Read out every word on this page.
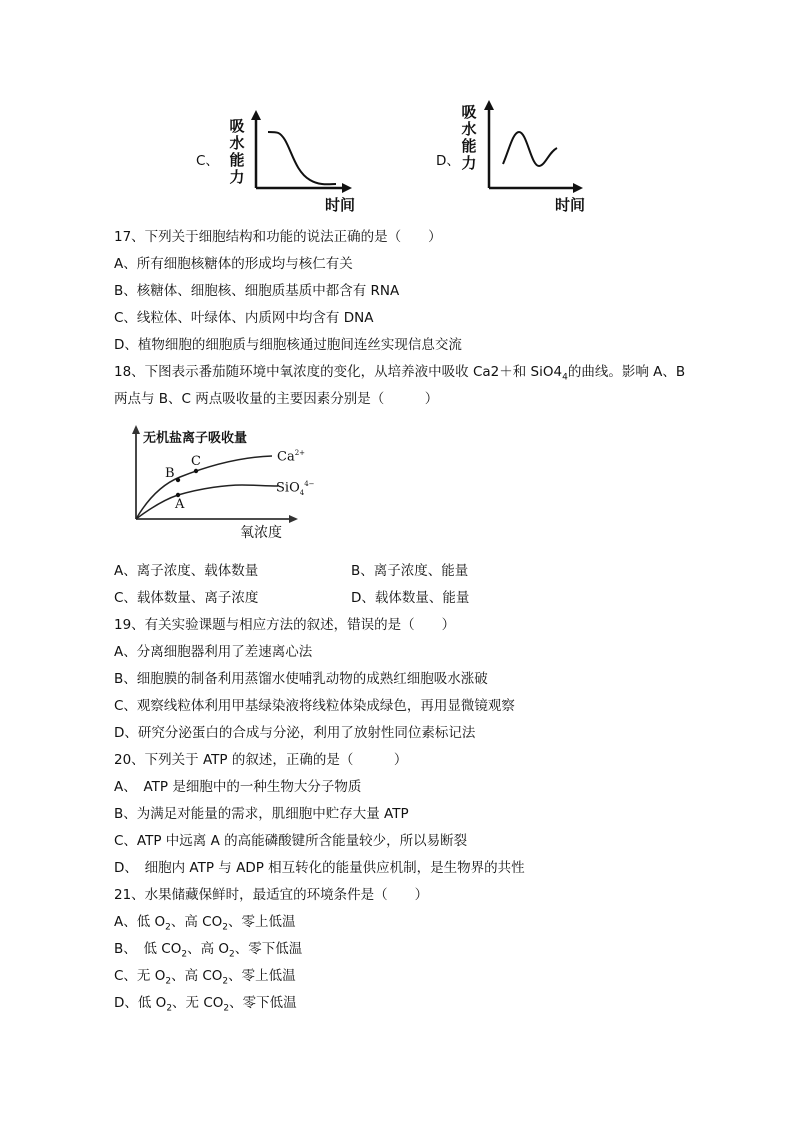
C、
吸
水
能
力
时间
D、
吸
水
能
力
时间
17、下列关于细胞结构和功能的说法正确的是（　　）
A、所有细胞核糖体的形成均与核仁有关
B、核糖体、细胞核、细胞质基质中都含有 RNA
C、线粒体、叶绿体、内质网中均含有 DNA
D、植物细胞的细胞质与细胞核通过胞间连丝实现信息交流
18、下图表示番茄随环境中氧浓度的变化，从培养液中吸收 Ca2＋和 $SiO4_4$的曲线。影响 A、B
两点与 B、C 两点吸收量的主要因素分别是（　　　）
无机盐离子吸收量
B
C
A
$Ca^{2+}$
SiO$_4^{4-}$
氧浓度
A、离子浓度、载体数量	B、离子浓度、能量
C、载体数量、离子浓度	D、载体数量、能量
19、有关实验课题与相应方法的叙述，错误的是（　　）
A、分离细胞器利用了差速离心法
B、细胞膜的制备利用蒸馏水使哺乳动物的成熟红细胞吸水涨破
C、观察线粒体利用甲基绿染液将线粒体染成绿色，再用显微镜观察
D、研究分泌蛋白的合成与分泌，利用了放射性同位素标记法
20、下列关于 ATP 的叙述，正确的是（　　　）
A、　ATP 是细胞中的一种生物大分子物质
B、为满足对能量的需求，肌细胞中贮存大量 ATP
C、ATP 中远离 A 的高能磷酸键所含能量较少，所以易断裂
D、　细胞内 ATP 与 ADP 相互转化的能量供应机制，是生物界的共性
21、水果储藏保鲜时，最适宜的环境条件是（　　）
A、低 $O_2$、高 $CO_2$、零上低温
B、　低 $CO_2$、高 $O_2$、零下低温
C、无 $O_2$、高 $CO_2$、零上低温
D、低 $O_2$、无 $CO_2$、零下低温
